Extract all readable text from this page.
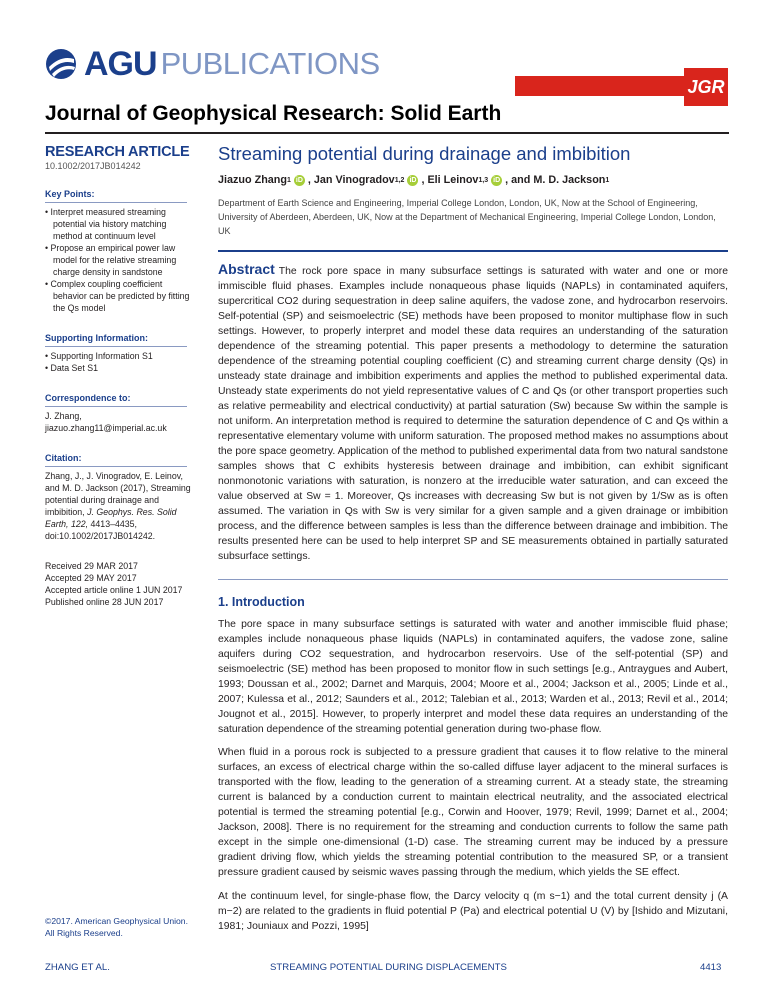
AGU PUBLICATIONS
JGR
Journal of Geophysical Research: Solid Earth
RESEARCH ARTICLE
10.1002/2017JB014242
Key Points:
• Interpret measured streaming potential via history matching method at continuum level
• Propose an empirical power law model for the relative streaming charge density in sandstone
• Complex coupling coefficient behavior can be predicted by fitting the Qs model
Supporting Information:
• Supporting Information S1
• Data Set S1
Correspondence to:
J. Zhang,
jiazuo.zhang11@imperial.ac.uk
Citation:
Zhang, J., J. Vinogradov, E. Leinov, and M. D. Jackson (2017), Streaming potential during drainage and imbibition, J. Geophys. Res. Solid Earth, 122, 4413–4435, doi:10.1002/2017JB014242.
Received 29 MAR 2017
Accepted 29 MAY 2017
Accepted article online 1 JUN 2017
Published online 28 JUN 2017
©2017. American Geophysical Union.
All Rights Reserved.
Streaming potential during drainage and imbibition
Jiazuo Zhang 1 iD , Jan Vinogradov 1,2 iD , Eli Leinov 1,3 iD , and
M. D. Jackson 1
Department of Earth Science and Engineering, Imperial College London, London, UK, Now at the School of Engineering, University of Aberdeen, Aberdeen, UK, Now at the Department of Mechanical Engineering, Imperial College London, London, UK
Abstract The rock pore space in many subsurface settings is saturated with water and one or more immiscible fluid phases. Examples include nonaqueous phase liquids (NAPLs) in contaminated aquifers, supercritical CO2 during sequestration in deep saline aquifers, the vadose zone, and hydrocarbon reservoirs. Self-potential (SP) and seismoelectric (SE) methods have been proposed to monitor multiphase flow in such settings. However, to properly interpret and model these data requires an understanding of the saturation dependence of the streaming potential. This paper presents a methodology to determine the saturation dependence of the streaming potential coupling coefficient (C) and streaming current charge density (Qs) in unsteady state drainage and imbibition experiments and applies the method to published experimental data. Unsteady state experiments do not yield representative values of C and Qs (or other transport properties such as relative permeability and electrical conductivity) at partial saturation (Sw) because Sw within the sample is not uniform. An interpretation method is required to determine the saturation dependence of C and Qs within a representative elementary volume with uniform saturation. The proposed method makes no assumptions about the pore space geometry. Application of the method to published experimental data from two natural sandstone samples shows that C exhibits hysteresis between drainage and imbibition, can exhibit significant nonmonotonic variations with saturation, is nonzero at the irreducible water saturation, and can exceed the value observed at Sw = 1. Moreover, Qs increases with decreasing Sw but is not given by 1/Sw as is often assumed. The variation in Qs with Sw is very similar for a given sample and a given drainage or imbibition process, and the difference between samples is less than the difference between drainage and imbibition. The results presented here can be used to help interpret SP and SE measurements obtained in partially saturated subsurface settings.
1. Introduction
The pore space in many subsurface settings is saturated with water and another immiscible fluid phase; examples include nonaqueous phase liquids (NAPLs) in contaminated aquifers, the vadose zone, saline aquifers during CO2 sequestration, and hydrocarbon reservoirs. Use of the self-potential (SP) and seismoelectric (SE) method has been proposed to monitor flow in such settings [e.g., Antraygues and Aubert, 1993; Doussan et al., 2002; Darnet and Marquis, 2004; Moore et al., 2004; Jackson et al., 2005; Linde et al., 2007; Kulessa et al., 2012; Saunders et al., 2012; Talebian et al., 2013; Warden et al., 2013; Revil et al., 2014; Jougnot et al., 2015]. However, to properly interpret and model these data requires an understanding of the saturation dependence of the streaming potential generation during two-phase flow.
When fluid in a porous rock is subjected to a pressure gradient that causes it to flow relative to the mineral surfaces, an excess of electrical charge within the so-called diffuse layer adjacent to the mineral surfaces is transported with the flow, leading to the generation of a streaming current. At a steady state, the streaming current is balanced by a conduction current to maintain electrical neutrality, and the associated electrical potential is termed the streaming potential [e.g., Corwin and Hoover, 1979; Revil, 1999; Darnet et al., 2004; Jackson, 2008]. There is no requirement for the streaming and conduction currents to follow the same path except in the simple one-dimensional (1-D) case. The streaming current may be induced by a pressure gradient driving flow, which yields the streaming potential contribution to the measured SP, or a transient pressure gradient caused by seismic waves passing through the medium, which yields the SE effect.
At the continuum level, for single-phase flow, the Darcy velocity q (m s−1) and the total current density j (A m−2) are related to the gradients in fluid potential P (Pa) and electrical potential U (V) by [Ishido and Mizutani, 1981; Jouniaux and Pozzi, 1995]
ZHANG ET AL.	STREAMING POTENTIAL DURING DISPLACEMENTS	4413
